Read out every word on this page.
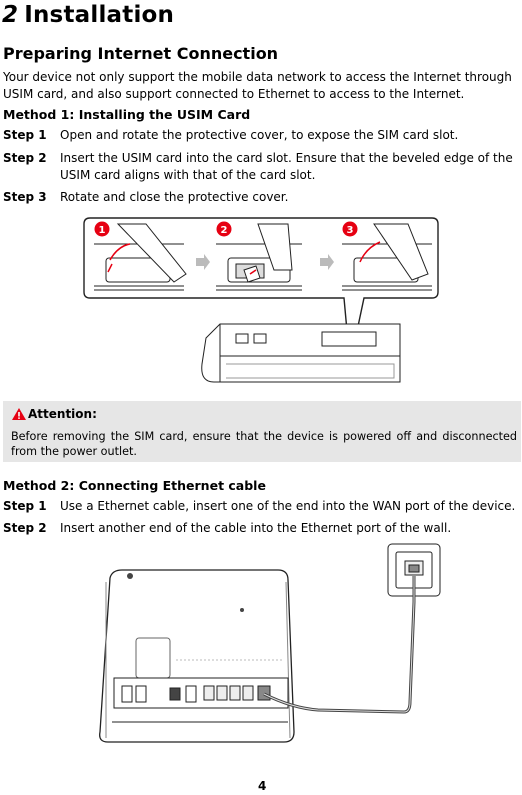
2 Installation
Preparing Internet Connection
Your device not only support the mobile data network to access the Internet through USIM card, and also support connected to Ethernet to access to the Internet.
Method 1: Installing the USIM Card
Step 1 Open and rotate the protective cover, to expose the SIM card slot.
Step 2 Insert the USIM card into the card slot. Ensure that the beveled edge of the USIM card aligns with that of the card slot.
Step 3 Rotate and close the protective cover.
1	2	3
Attention:
Before removing the SIM card, ensure that the device is powered off and disconnected from the power outlet.
Method 2: Connecting Ethernet cable
Step 1 Use a Ethernet cable, insert one of the end into the WAN port of the device.
Step 2 Insert another end of the cable into the Ethernet port of the wall.
4
